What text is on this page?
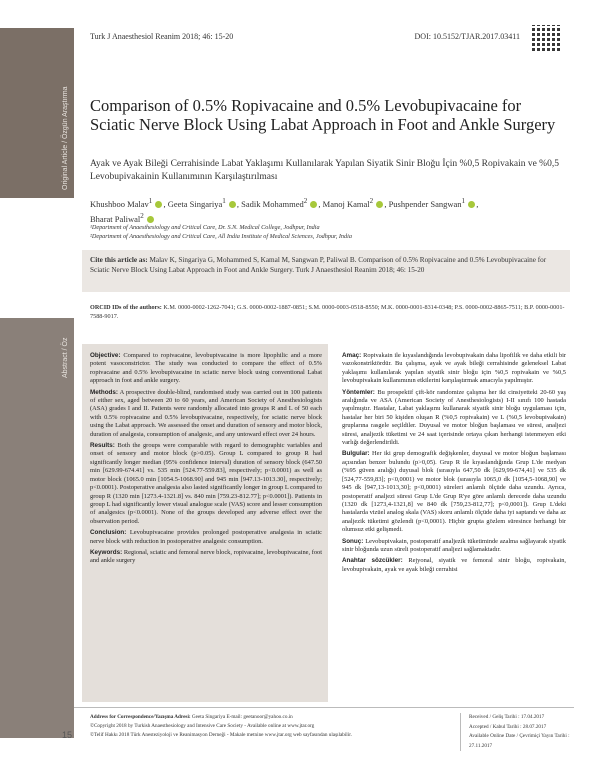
Original Article / Özgün Araştırma
Abstract / Öz
Turk J Anaesthesiol Reanim 2018; 46: 15-20	DOI: 10.5152/TJAR.2017.03411
Comparison of 0.5% Ropivacaine and 0.5% Levobupivacaine for Sciatic Nerve Block Using Labat Approach in Foot and Ankle Surgery
Ayak ve Ayak Bileği Cerrahisinde Labat Yaklaşımı Kullanılarak Yapılan Siyatik Sinir Bloğu İçin %0,5 Ropivakain ve %0,5 Levobupivakainin Kullanımının Karşılaştırılması
Khushboo Malav$^1$ , Geeta Singariya$^1$ , Sadik Mohammed$^2$ , Manoj Kamal$^2$ , Pushpender Sangwan$^1$ ,
Bharat Paliwal$^2$
¹Department of Anaesthesiology and Critical Care, Dr. S.N. Medical College, Jodhpur, India
²Department of Anaesthesiology and Critical Care, All India Institute of Medical Sciences, Jodhpur, India
Cite this article as: Malav K, Singariya G, Mohammed S, Kamal M, Sangwan P, Paliwal B. Comparison of 0.5% Ropivacaine and 0.5% Levobupivacaine for Sciatic Nerve Block Using Labat Approach in Foot and Ankle Surgery. Turk J Anaesthesiol Reanim 2018; 46: 15-20
ORCID IDs of the authors: K.M. 0000-0002-1262-7041; G.S. 0000-0002-1887-0851; S.M. 0000-0003-0518-8550; M.K. 0000-0001-8314-0348; P.S. 0000-0002-8865-7511; B.P. 0000-0001-7588-9017.

Objective: Compared to ropivacaine, levobupivacaine is more lipophilic and a more potent vasoconstrictor. The study was conducted to compare the effect of 0.5% ropivacaine and 0.5% levobupivacaine in sciatic nerve block using conventional Labat approach in foot and ankle surgery.

Methods: A prospective double-blind, randomised study was carried out in 100 patients of either sex, aged between 20 to 60 years, and American Society of Anesthesiologists (ASA) grades I and II. Patients were randomly allocated into groups R and L of 50 each with 0.5% ropivacaine and 0.5% levobupivacaine, respectively, for sciatic nerve block using the Labat approach. We assessed the onset and duration of sensory and motor block, duration of analgesia, consumption of analgesic, and any untoward effect over 24 hours.

Results: Both the groups were comparable with regard to demographic variables and onset of sensory and motor block (p>0.05). Group L compared to group R had significantly longer median (95% confidence interval) duration of sensory block (647.50 min [629.99-674.41] vs. 535 min [524.77-559.83], respectively; p<0.0001) as well as motor block (1065.0 min [1054.5-1068.90] and 945 min [947.13-1013.30], respectively; p<0.0001). Postoperative analgesia also lasted significantly longer in group L compared to group R (1320 min [1273.4-1321.8] vs. 840 min [759.23-812.77]; p<0.0001]). Patients in group L had significantly lower visual analogue scale (VAS) score and lesser consumption of analgesics (p<0.0001). None of the groups developed any adverse effect over the observation period.

Conclusion: Levobupivacaine provides prolonged postoperative analgesia in sciatic nerve block with reduction in postoperative analgesic consumption.

Keywords: Regional, sciatic and femoral nerve block, ropivacaine, levobupivacaine, foot and ankle surgery

Amaç: Ropivakain ile kıyaslandığında levobupivakain daha lipofilik ve daha etkili bir vazokonstriktördür. Bu çalışma, ayak ve ayak bileği cerrahisinde geleneksel Labat yaklaşımı kullanılarak yapılan siyatik sinir bloğu için %0,5 ropivakain ve %0,5 levobupivakain kullanımının etkilerini karşılaştırmak amacıyla yapılmıştır.

Yöntemler: Bu prospektif çift-kör randomize çalışma her iki cinsiyetteki 20-60 yaş aralığında ve ASA (American Society of Anesthesiologists) I-II sınıfı 100 hastada yapılmıştır. Hastalar, Labat yaklaşımı kullanarak siyatik sinir bloğu uygulaması için, hastalar her biri 50 kişiden oluşan R (%0,5 ropivakain) ve L (%0,5 levobupivakain) gruplarına rasgele seçildiler. Duyusal ve motor bloğun başlaması ve süresi, analjezi süresi, analjezik tüketimi ve 24 saat içerisinde ortaya çıkan herhangi istenmeyen etki varlığı değerlendirildi.

Bulgular: Her iki grup demografik değişkenler, duyusal ve motor bloğun başlaması açısından benzer bulundu (p>0,05). Grup R ile kıyaslandığında Grup L'de medyan (%95 güven aralığı) duyusal blok (sırasıyla 647,50 dk [629,99-674,41] ve 535 dk [524,77-559,83]; p<0,0001) ve motor blok (sırasıyla 1065,0 dk [1054,5-1068,90] ve 945 dk [947,13-1013,30]; p<0,0001) süreleri anlamlı ölçüde daha uzundu. Ayrıca, postoperatif analjezi süresi Grup L'de Grup R'ye göre anlamlı derecede daha uzundu (1320 dk [1273,4-1321,8] ve 840 dk [759,23-812,77]; p<0,0001]). Grup L'deki hastalarda vizüel analog skala (VAS) skoru anlamlı ölçüde daha iyi saptandı ve daha az analjezik tüketimi gözlendi (p<0,0001). Hiçbir grupta gözlem süresince herhangi bir olumsuz etki gelişmedi.

Sonuç: Levobupivakain, postoperatif analjezik tüketiminde azalma sağlayarak siyatik sinir bloğunda uzun süreli postoperatif analjezi sağlamaktadır.

Anahtar sözcükler: Rejyonal, siyatik ve femoral sinir bloğu, ropivakain, levobupivakain, ayak ve ayak bileği cerrahisi

15
Address for Correspondence/Yazışma Adresi: Geeta Singariya E-mail: geetanoor@yahoo.co.in
©Copyright 2018 by Turkish Anaesthesiology and Intensive Care Society - Available online at www.jtar.org
©Telif Hakkı 2018 Türk Anesteziyoloji ve Reanimasyon Derneği - Makale metnine www.jtar.org web sayfasından ulaşılabilir.
Received / Geliş Tarihi : 17.04.2017
Accepted / Kabul Tarihi : 28.07.2017
Available Online Date / Çevrimiçi Yayın Tarihi : 27.11.2017
